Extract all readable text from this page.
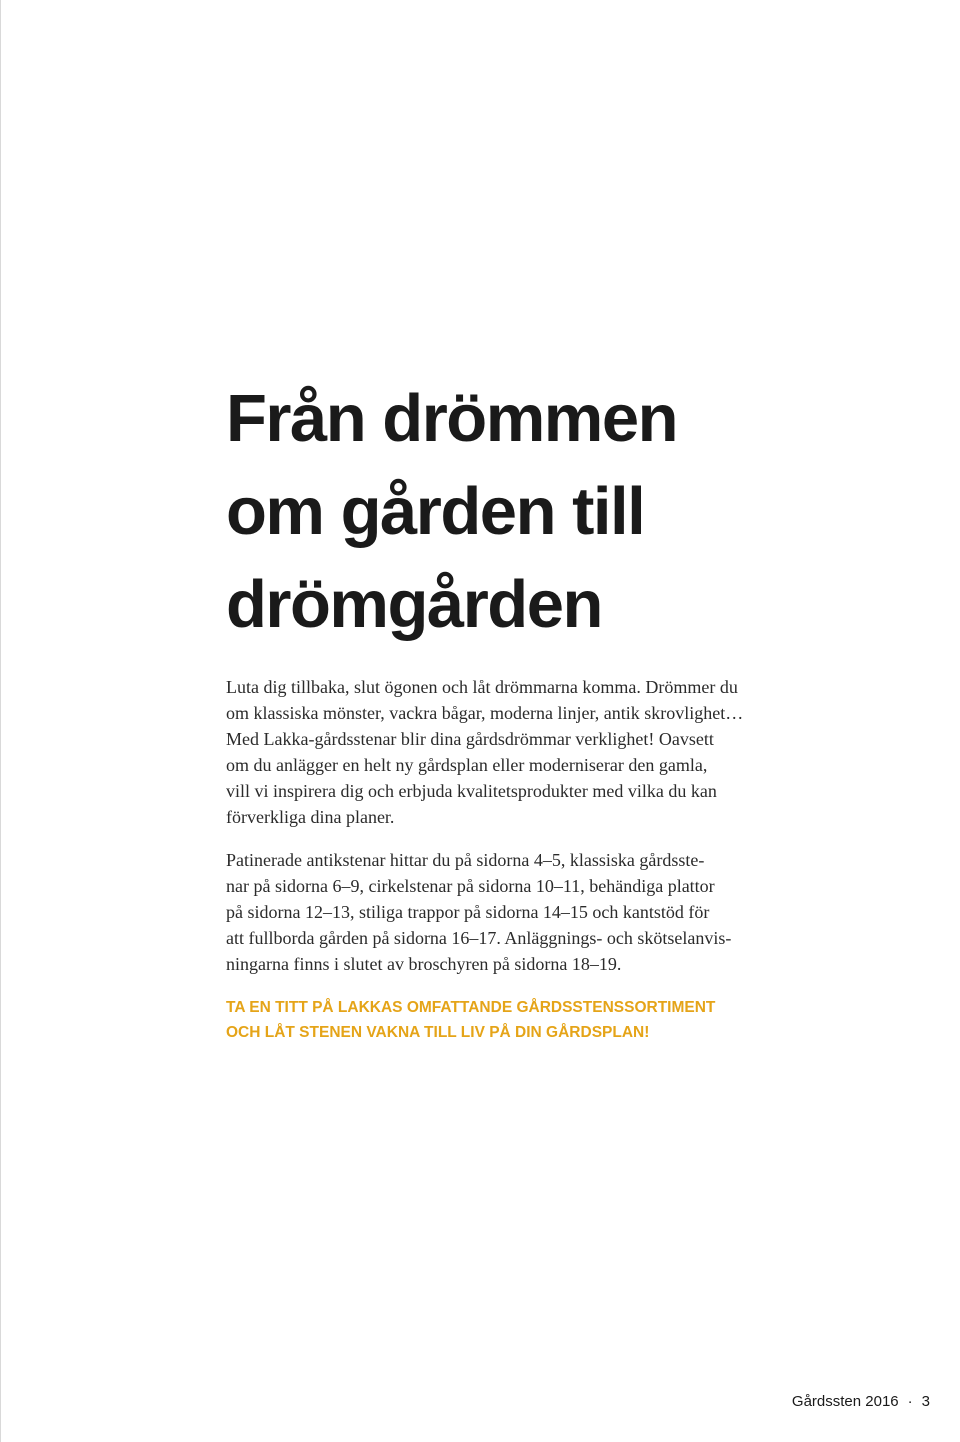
Från drömmen
om gården till
drömgården

Luta dig tillbaka, slut ögonen och låt drömmarna komma. Drömmer du
om klassiska mönster, vackra bågar, moderna linjer, antik skrovlighet…
Med Lakka-gårdsstenar blir dina gårdsdrömmar verklighet! Oavsett
om du anlägger en helt ny gårdsplan eller moderniserar den gamla,
vill vi inspirera dig och erbjuda kvalitetsprodukter med vilka du kan
förverkliga dina planer.

Patinerade antikstenar hittar du på sidorna 4–5, klassiska gårdsste-
nar på sidorna 6–9, cirkelstenar på sidorna 10–11, behändiga plattor
på sidorna 12–13, stiliga trappor på sidorna 14–15 och kantstöd för
att fullborda gården på sidorna 16–17. Anläggnings- och skötselanvis-
ningarna finns i slutet av broschyren på sidorna 18–19.

TA EN TITT PÅ LAKKAS OMFATTANDE GÅRDSSTENSSORTIMENT
OCH LÅT STENEN VAKNA TILL LIV PÅ DIN GÅRDSPLAN!

Gårdssten 2016 · 3
